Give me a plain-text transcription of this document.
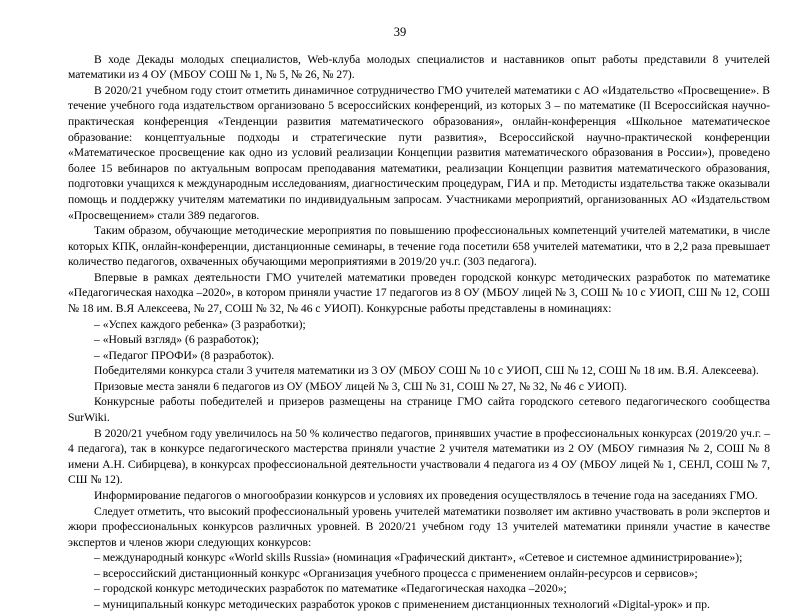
39

В ходе Декады молодых специалистов, Web-клуба молодых специалистов и наставников опыт работы представили 8 учителей математики из 4 ОУ (МБОУ СОШ № 1, № 5, № 26, № 27).

В 2020/21 учебном году стоит отметить динамичное сотрудничество ГМО учителей математики с АО «Издательство «Просвещение». В течение учебного года издательством организовано 5 всероссийских конференций, из которых 3 – по математике (II Всероссийская научно-практическая конференция «Тенденции развития математического образования», онлайн-конференция «Школьное математическое образование: концептуальные подходы и стратегические пути развития», Всероссийской научно-практической конференции «Математическое просвещение как одно из условий реализации Концепции развития математического образования в России»), проведено более 15 вебинаров по актуальным вопросам преподавания математики, реализации Концепции развития математического образования, подготовки учащихся к международным исследованиям, диагностическим процедурам, ГИА и пр. Методисты издательства также оказывали помощь и поддержку учителям математики по индивидуальным запросам. Участниками мероприятий, организованных АО «Издательством «Просвещением» стали 389 педагогов.

Таким образом, обучающие методические мероприятия по повышению профессиональных компетенций учителей математики, в числе которых КПК, онлайн-конференции, дистанционные семинары, в течение года посетили 658 учителей математики, что в 2,2 раза превышает количество педагогов, охваченных обучающими мероприятиями в 2019/20 уч.г. (303 педагога).

Впервые в рамках деятельности ГМО учителей математики проведен городской конкурс методических разработок по математике «Педагогическая находка –2020», в котором приняли участие 17 педагогов из 8 ОУ (МБОУ лицей № 3, СОШ № 10 с УИОП, СШ № 12, СОШ № 18 им. В.Я Алексеева, № 27, СОШ № 32, № 46 с УИОП). Конкурсные работы представлены в номинациях:

– «Успех каждого ребенка» (3 разработки);

– «Новый взгляд» (6 разработок);

– «Педагог ПРОФИ» (8 разработок).

Победителями конкурса стали 3 учителя математики из 3 ОУ (МБОУ СОШ № 10 с УИОП, СШ № 12, СОШ № 18 им. В.Я. Алексеева).

Призовые места заняли 6 педагогов из ОУ (МБОУ лицей № 3, СШ № 31, СОШ № 27, № 32, № 46 с УИОП).

Конкурсные работы победителей и призеров размещены на странице ГМО сайта городского сетевого педагогического сообщества SurWiki.

В 2020/21 учебном году увеличилось на 50 % количество педагогов, принявших участие в профессиональных конкурсах (2019/20 уч.г. – 4 педагога), так в конкурсе педагогического мастерства приняли участие 2 учителя математики из 2 ОУ (МБОУ гимназия № 2, СОШ № 8 имени А.Н. Сибирцева), в конкурсах профессиональной деятельности участвовали 4 педагога из 4 ОУ (МБОУ лицей № 1, СЕНЛ, СОШ № 7, СШ № 12).

Информирование педагогов о многообразии конкурсов и условиях их проведения осуществлялось в течение года на заседаниях ГМО.

Следует отметить, что высокий профессиональный уровень учителей математики позволяет им активно участвовать в роли экспертов и жюри профессиональных конкурсов различных уровней. В 2020/21 учебном году 13 учителей математики приняли участие в качестве экспертов и членов жюри следующих конкурсов:

– международный конкурс «World skills Russia» (номинация «Графический диктант», «Сетевое и системное администрирование»);

– всероссийский дистанционный конкурс «Организация учебного процесса с применением онлайн-ресурсов и сервисов»;

– городской конкурс методических разработок по математике «Педагогическая находка –2020»;

– муниципальный конкурс методических разработок уроков с применением дистанционных технологий «Digital-урок» и пр.
